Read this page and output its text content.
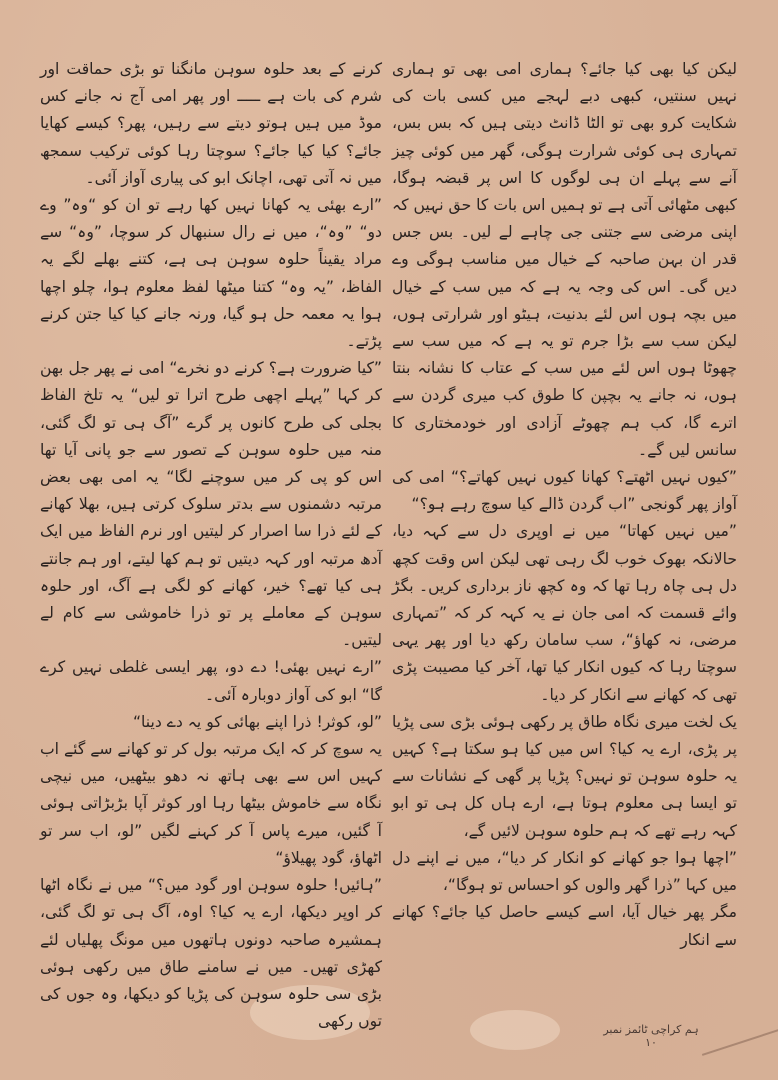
لیکن کیا بھی کیا جائے؟ ہماری امی بھی تو ہماری نہیں سنتیں، کبھی دبے لہجے میں کسی بات کی شکایت کرو بھی تو الٹا ڈانٹ دیتی ہیں کہ بس بس، تمہاری ہی کوئی شرارت ہوگی، گھر میں کوئی چیز آنے سے پہلے ان ہی لوگوں کا اس پر قبضہ ہوگا، کبھی مٹھائی آتی ہے تو ہمیں اس بات کا حق نہیں کہ اپنی مرضی سے جتنی جی چاہے لے لیں۔ بس جس قدر ان بہن صاحبہ کے خیال میں مناسب ہوگی وے دیں گی۔ اس کی وجہ یہ ہے کہ میں سب کے خیال میں بچہ ہوں اس لئے بدنیت، ہیٹو اور شرارتی ہوں، لیکن سب سے بڑا جرم تو یہ ہے کہ میں سب سے چھوٹا ہوں اس لئے میں سب کے عتاب کا نشانہ بنتا ہوں، نہ جانے یہ بچپن کا طوق کب میری گردن سے اترے گا، کب ہم چھوٹے آزادی اور خودمختاری کا سانس لیں گے۔

”کیوں نہیں اٹھتے؟ کھانا کیوں نہیں کھاتے؟“ امی کی آواز پھر گونجی ”اب گردن ڈالے کیا سوچ رہے ہو؟“

”میں نہیں کھاتا“ میں نے اوپری دل سے کہہ دیا، حالانکہ بھوک خوب لگ رہی تھی لیکن اس وقت کچھ دل ہی چاہ رہا تھا کہ وہ کچھ ناز برداری کریں۔ بگڑ وائے قسمت کہ امی جان نے یہ کہہ کر کہ ”تمہاری مرضی، نہ کھاؤ“، سب سامان رکھ دیا اور پھر یہی سوچتا رہا کہ کیوں انکار کیا تھا، آخر کیا مصیبت پڑی تھی کہ کھانے سے انکار کر دیا۔

یک لخت میری نگاہ طاق پر رکھی ہوئی بڑی سی پڑیا پر پڑی، ارے یہ کیا؟ اس میں کیا ہو سکتا ہے؟ کہیں یہ حلوہ سوہن تو نہیں؟ پڑیا پر گھی کے نشانات سے تو ایسا ہی معلوم ہوتا ہے، ارے ہاں کل ہی تو ابو کہہ رہے تھے کہ ہم حلوہ سوہن لائیں گے،

”اچھا ہوا جو کھانے کو انکار کر دیا“، میں نے اپنے دل میں کہا ”ذرا گھر والوں کو احساس تو ہوگا“،

مگر پھر خیال آیا، اسے کیسے حاصل کیا جائے؟ کھانے سے انکار

کرنے کے بعد حلوہ سوہن مانگنا تو بڑی حماقت اور شرم کی بات ہے ـــــ اور پھر امی آج نہ جانے کس موڈ میں ہیں ہوتو دیتے سے رہیں، پھر؟ کیسے کھایا جائے؟ کیا کیا جائے؟ سوچتا رہا کوئی ترکیب سمجھ میں نہ آتی تھی، اچانک ابو کی پیاری آواز آئی۔

”ارے بھئی یہ کھانا نہیں کھا رہے تو ان کو “وہ” وے دو“ ”وہ“، میں نے رال سنبھال کر سوچا، ”وہ“ سے مراد یقیناً حلوہ سوہن ہی ہے، کتنے بھلے لگے یہ الفاظ، ”یہ وہ“ کتنا میٹھا لفظ معلوم ہوا، چلو اچھا ہوا یہ معمہ حل ہو گیا، ورنہ جانے کیا کیا جتن کرنے پڑتے۔

”کیا ضرورت ہے؟ کرنے دو نخرے“ امی نے پھر جل بھن کر کہا ”پہلے اچھی طرح اترا تو لیں“ یہ تلخ الفاظ بجلی کی طرح کانوں پر گرے ”آگ ہی تو لگ گئی، منہ میں حلوہ سوہن کے تصور سے جو پانی آیا تھا اس کو پی کر میں سوچنے لگا“ یہ امی بھی بعض مرتبہ دشمنوں سے بدتر سلوک کرتی ہیں، بھلا کھانے کے لئے ذرا سا اصرار کر لیتیں اور نرم الفاظ میں ایک آدھ مرتبہ اور کہہ دیتیں تو ہم کھا لیتے، اور ہم جانتے ہی کیا تھے؟ خیر، کھانے کو لگی ہے آگ، اور حلوہ سوہن کے معاملے پر تو ذرا خاموشی سے کام لے لیتیں۔

”ارے نہیں بھئی! دے دو، پھر ایسی غلطی نہیں کرے گا“ ابو کی آواز دوبارہ آئی۔

”لو، کوثر! ذرا اپنے بھائی کو یہ دے دینا“

یہ سوچ کر کہ ایک مرتبہ بول کر تو کھانے سے گئے اب کہیں اس سے بھی ہاتھ نہ دھو بیٹھیں، میں نیچی نگاہ سے خاموش بیٹھا رہا اور کوثر آپا بڑبڑاتی ہوئی آ گئیں، میرے پاس آ کر کہنے لگیں ”لو، اب سر تو اٹھاؤ، گود پھیلاؤ“

”ہائیں! حلوہ سوہن اور گود میں؟“ میں نے نگاہ اٹھا کر اوپر دیکھا، ارے یہ کیا؟ اوہ، آگ ہی تو لگ گئی، ہمشیرہ صاحبہ دونوں ہاتھوں میں مونگ پھلیاں لئے کھڑی تھیں۔ میں نے سامنے طاق میں رکھی ہوئی بڑی سی حلوہ سوہن کی پڑیا کو دیکھا، وہ جوں کی توں رکھی	ہم کراچی ٹائمز نمبر ۱۰
